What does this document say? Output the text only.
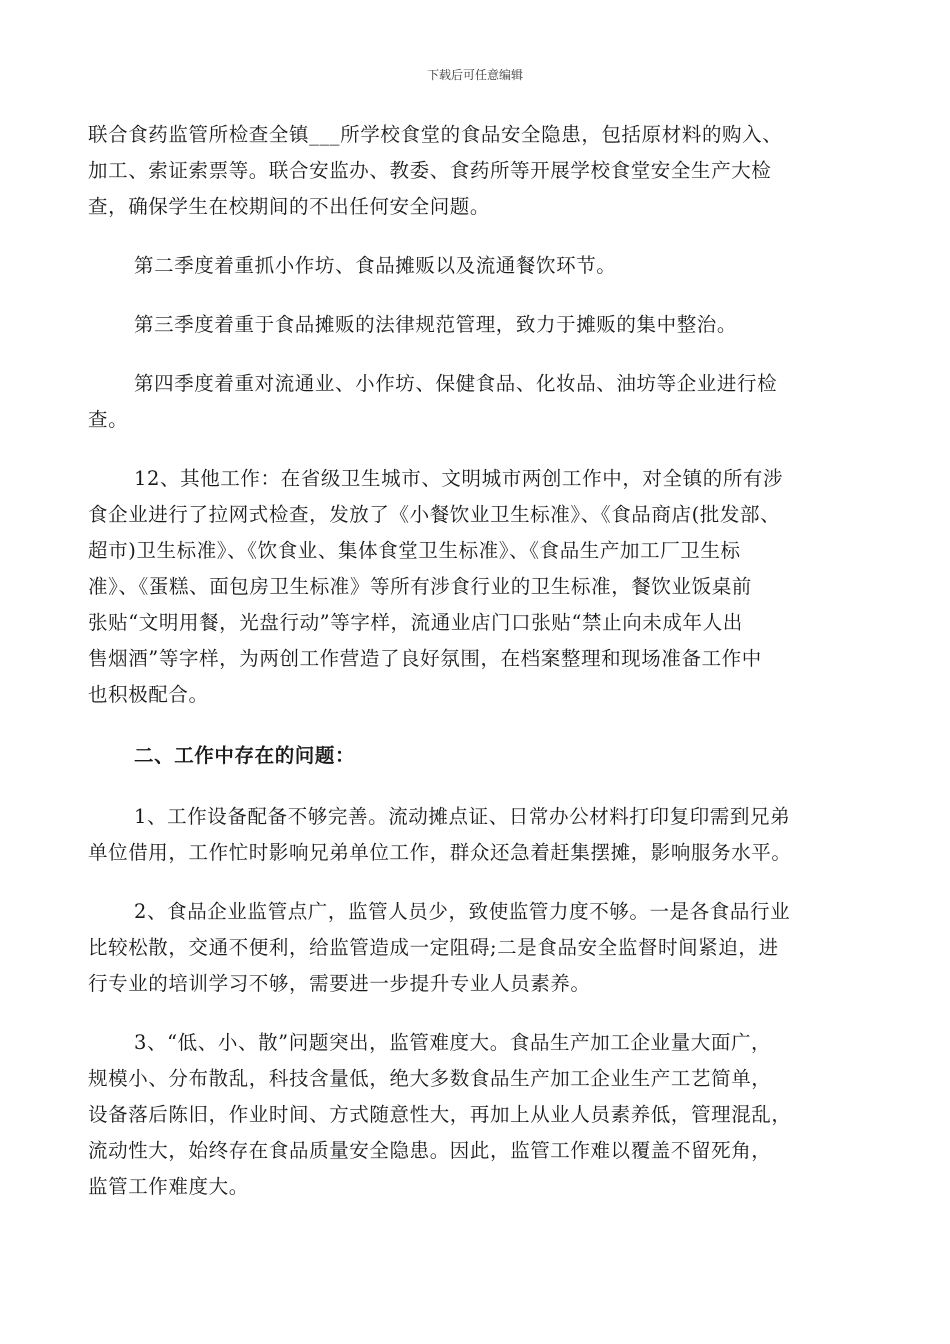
下载后可任意编辑
联合食药监管所检查全镇___所学校食堂的食品安全隐患，包括原材料的购入、
加工、索证索票等。联合安监办、教委、食药所等开展学校食堂安全生产大检
查，确保学生在校期间的不出任何安全问题。
第二季度着重抓小作坊、食品摊贩以及流通餐饮环节。
第三季度着重于食品摊贩的法律规范管理，致力于摊贩的集中整治。
第四季度着重对流通业、小作坊、保健食品、化妆品、油坊等企业进行检
查。
12、其他工作：在省级卫生城市、文明城市两创工作中，对全镇的所有涉
食企业进行了拉网式检查，发放了《小餐饮业卫生标准》、《食品商店(批发部、
超市)卫生标准》、《饮食业、集体食堂卫生标准》、《食品生产加工厂卫生标
准》、《蛋糕、面包房卫生标准》等所有涉食行业的卫生标准，餐饮业饭桌前
张贴“文明用餐，光盘行动”等字样，流通业店门口张贴“禁止向未成年人出
售烟酒”等字样，为两创工作营造了良好氛围，在档案整理和现场准备工作中
也积极配合。
二、工作中存在的问题：
1、工作设备配备不够完善。流动摊点证、日常办公材料打印复印需到兄弟
单位借用，工作忙时影响兄弟单位工作，群众还急着赶集摆摊，影响服务水平。
2、食品企业监管点广，监管人员少，致使监管力度不够。一是各食品行业
比较松散，交通不便利，给监管造成一定阻碍;二是食品安全监督时间紧迫，进
行专业的培训学习不够，需要进一步提升专业人员素养。
3、“低、小、散”问题突出，监管难度大。食品生产加工企业量大面广，
规模小、分布散乱，科技含量低，绝大多数食品生产加工企业生产工艺简单，
设备落后陈旧，作业时间、方式随意性大，再加上从业人员素养低，管理混乱，
流动性大，始终存在食品质量安全隐患。因此，监管工作难以覆盖不留死角，
监管工作难度大。
